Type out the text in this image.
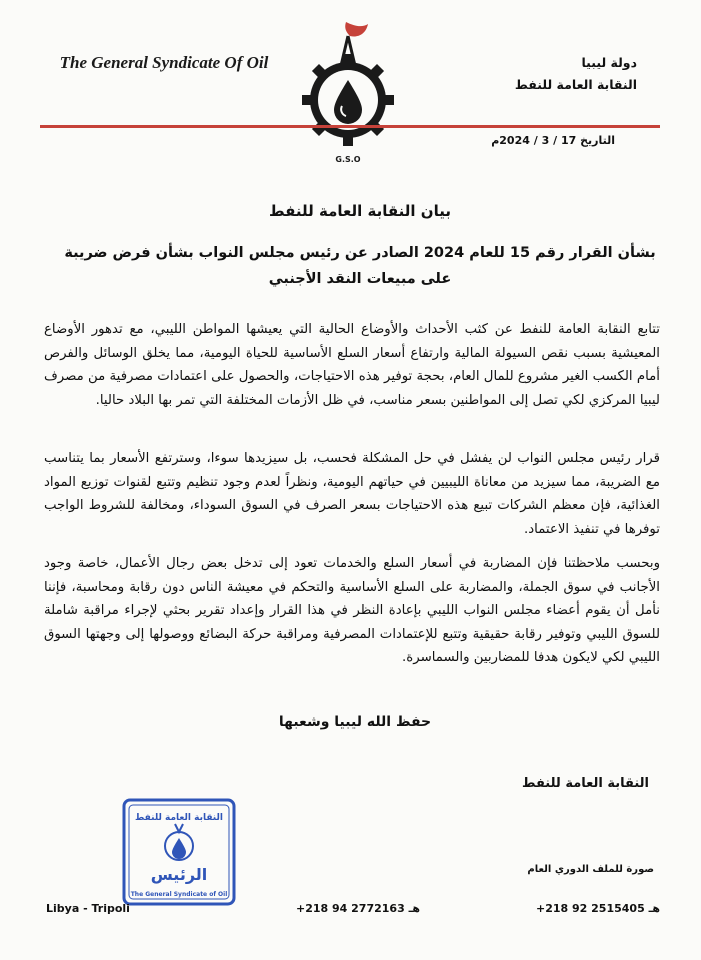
The General Syndicate Of Oil	دولة ليبيا
النقابة العامة للنفط
G.S.O
التاريخ 17 / 3 / 2024م
بيان النقابة العامة للنفط
بشأن القرار رقم 15 للعام 2024 الصادر عن رئيس مجلس النواب بشأن فرض ضريبة على مبيعات النقد الأجنبي

تتابع النقابة العامة للنفط عن كثب الأحداث والأوضاع الحالية التي يعيشها المواطن الليبي، مع تدهور الأوضاع المعيشية بسبب نقص السيولة المالية وارتفاع أسعار السلع الأساسية للحياة اليومية، مما يخلق الوسائل والفرص أمام الكسب الغير مشروع للمال العام، بحجة توفير هذه الاحتياجات، والحصول على اعتمادات مصرفية من مصرف ليبيا المركزي لكي تصل إلى المواطنين بسعر مناسب، في ظل الأزمات المختلفة التي تمر بها البلاد حاليا.

قرار رئيس مجلس النواب لن يفشل في حل المشكلة فحسب، بل سيزيدها سوءا، وسترتفع الأسعار بما يتناسب مع الضريبة، مما سيزيد من معاناة الليبيين في حياتهم اليومية، ونظراً لعدم وجود تنظيم وتتبع لقنوات توزيع المواد الغذائية، فإن معظم الشركات تبيع هذه الاحتياجات بسعر الصرف في السوق السوداء، ومخالفة للشروط الواجب توفرها في تنفيذ الاعتماد.

وبحسب ملاحظتنا فإن المضاربة في أسعار السلع والخدمات تعود إلى تدخل بعض رجال الأعمال، خاصة وجود الأجانب في سوق الجملة، والمضاربة على السلع الأساسية والتحكم في معيشة الناس دون رقابة ومحاسبة، فإننا نأمل أن يقوم أعضاء مجلس النواب الليبي بإعادة النظر في هذا القرار وإعداد تقرير بحثي لإجراء مراقبة شاملة للسوق الليبي وتوفير رقابة حقيقية وتتبع للإعتمادات المصرفية ومراقبة حركة البضائع ووصولها إلى وجهتها السوق الليبي لكي لايكون هدفا للمضاربين والسماسرة.

حفظ الله ليبيا وشعبها
النقابة العامة للنفط
النقابة العامة للنفط
الرئيس
The General Syndicate of Oil
صورة للملف الدوري العام
Libya - Tripoli	+218 94 2772163 هـ	+218 92 2515405 هـ
